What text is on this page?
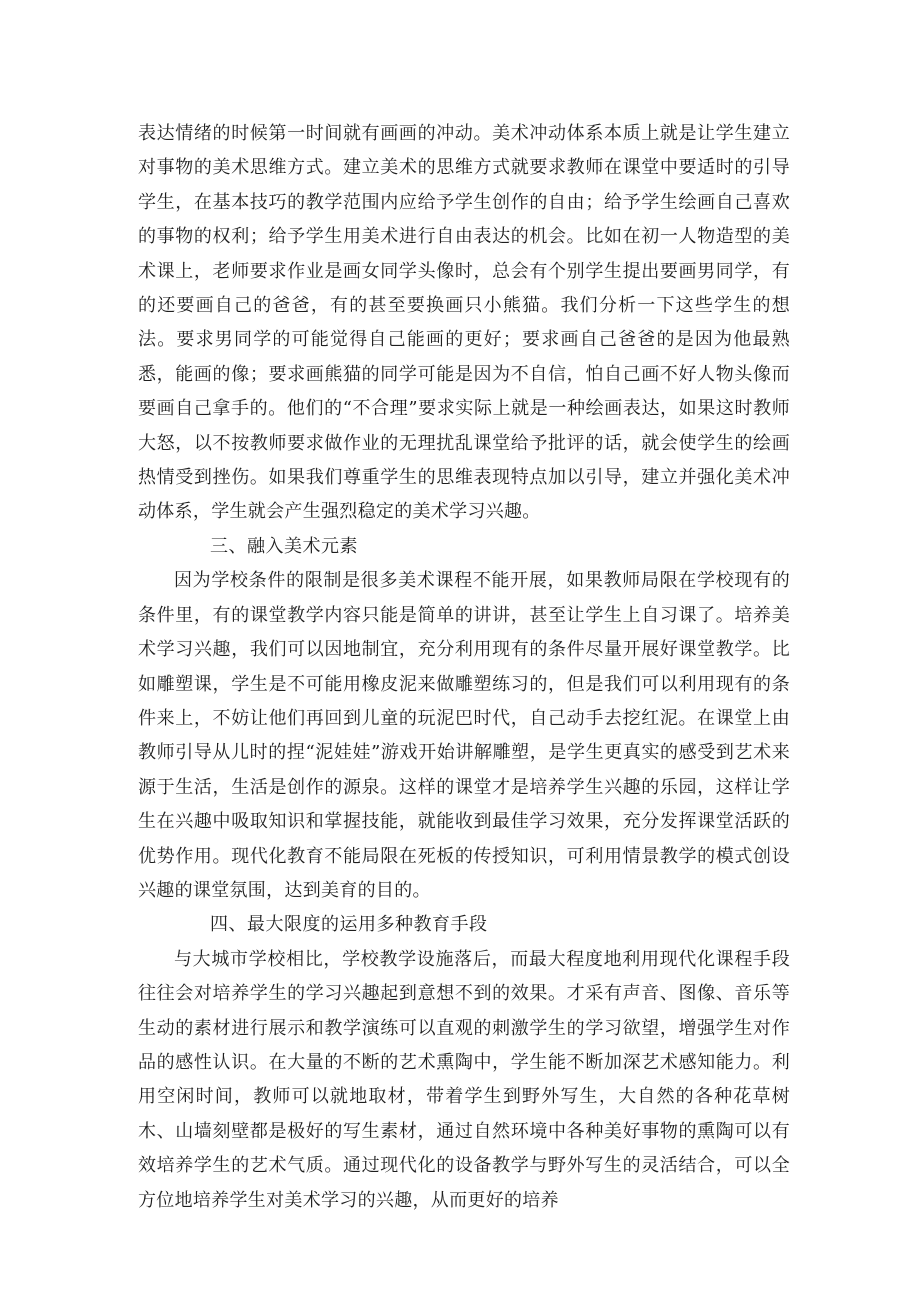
表达情绪的时候第一时间就有画画的冲动。美术冲动体系本质上就是让学生建立对事物的美术思维方式。建立美术的思维方式就要求教师在课堂中要适时的引导学生，在基本技巧的教学范围内应给予学生创作的自由；给予学生绘画自己喜欢的事物的权利；给予学生用美术进行自由表达的机会。比如在初一人物造型的美术课上，老师要求作业是画女同学头像时，总会有个别学生提出要画男同学，有的还要画自己的爸爸，有的甚至要换画只小熊猫。我们分析一下这些学生的想法。要求男同学的可能觉得自己能画的更好；要求画自己爸爸的是因为他最熟悉，能画的像；要求画熊猫的同学可能是因为不自信，怕自己画不好人物头像而要画自己拿手的。他们的“不合理”要求实际上就是一种绘画表达，如果这时教师大怒，以不按教师要求做作业的无理扰乱课堂给予批评的话，就会使学生的绘画热情受到挫伤。如果我们尊重学生的思维表现特点加以引导，建立并强化美术冲动体系，学生就会产生强烈稳定的美术学习兴趣。

三、融入美术元素

因为学校条件的限制是很多美术课程不能开展，如果教师局限在学校现有的条件里，有的课堂教学内容只能是简单的讲讲，甚至让学生上自习课了。培养美术学习兴趣，我们可以因地制宜，充分利用现有的条件尽量开展好课堂教学。比如雕塑课，学生是不可能用橡皮泥来做雕塑练习的，但是我们可以利用现有的条件来上，不妨让他们再回到儿童的玩泥巴时代，自己动手去挖红泥。在课堂上由教师引导从儿时的捏“泥娃娃”游戏开始讲解雕塑，是学生更真实的感受到艺术来源于生活，生活是创作的源泉。这样的课堂才是培养学生兴趣的乐园，这样让学生在兴趣中吸取知识和掌握技能，就能收到最佳学习效果，充分发挥课堂活跃的优势作用。现代化教育不能局限在死板的传授知识，可利用情景教学的模式创设兴趣的课堂氛围，达到美育的目的。

四、最大限度的运用多种教育手段

与大城市学校相比，学校教学设施落后，而最大程度地利用现代化课程手段往往会对培养学生的学习兴趣起到意想不到的效果。才采有声音、图像、音乐等生动的素材进行展示和教学演练可以直观的刺激学生的学习欲望，增强学生对作品的感性认识。在大量的不断的艺术熏陶中，学生能不断加深艺术感知能力。利用空闲时间，教师可以就地取材，带着学生到野外写生，大自然的各种花草树木、山墙刻壁都是极好的写生素材，通过自然环境中各种美好事物的熏陶可以有效培养学生的艺术气质。通过现代化的设备教学与野外写生的灵活结合，可以全方位地培养学生对美术学习的兴趣，从而更好的培养
